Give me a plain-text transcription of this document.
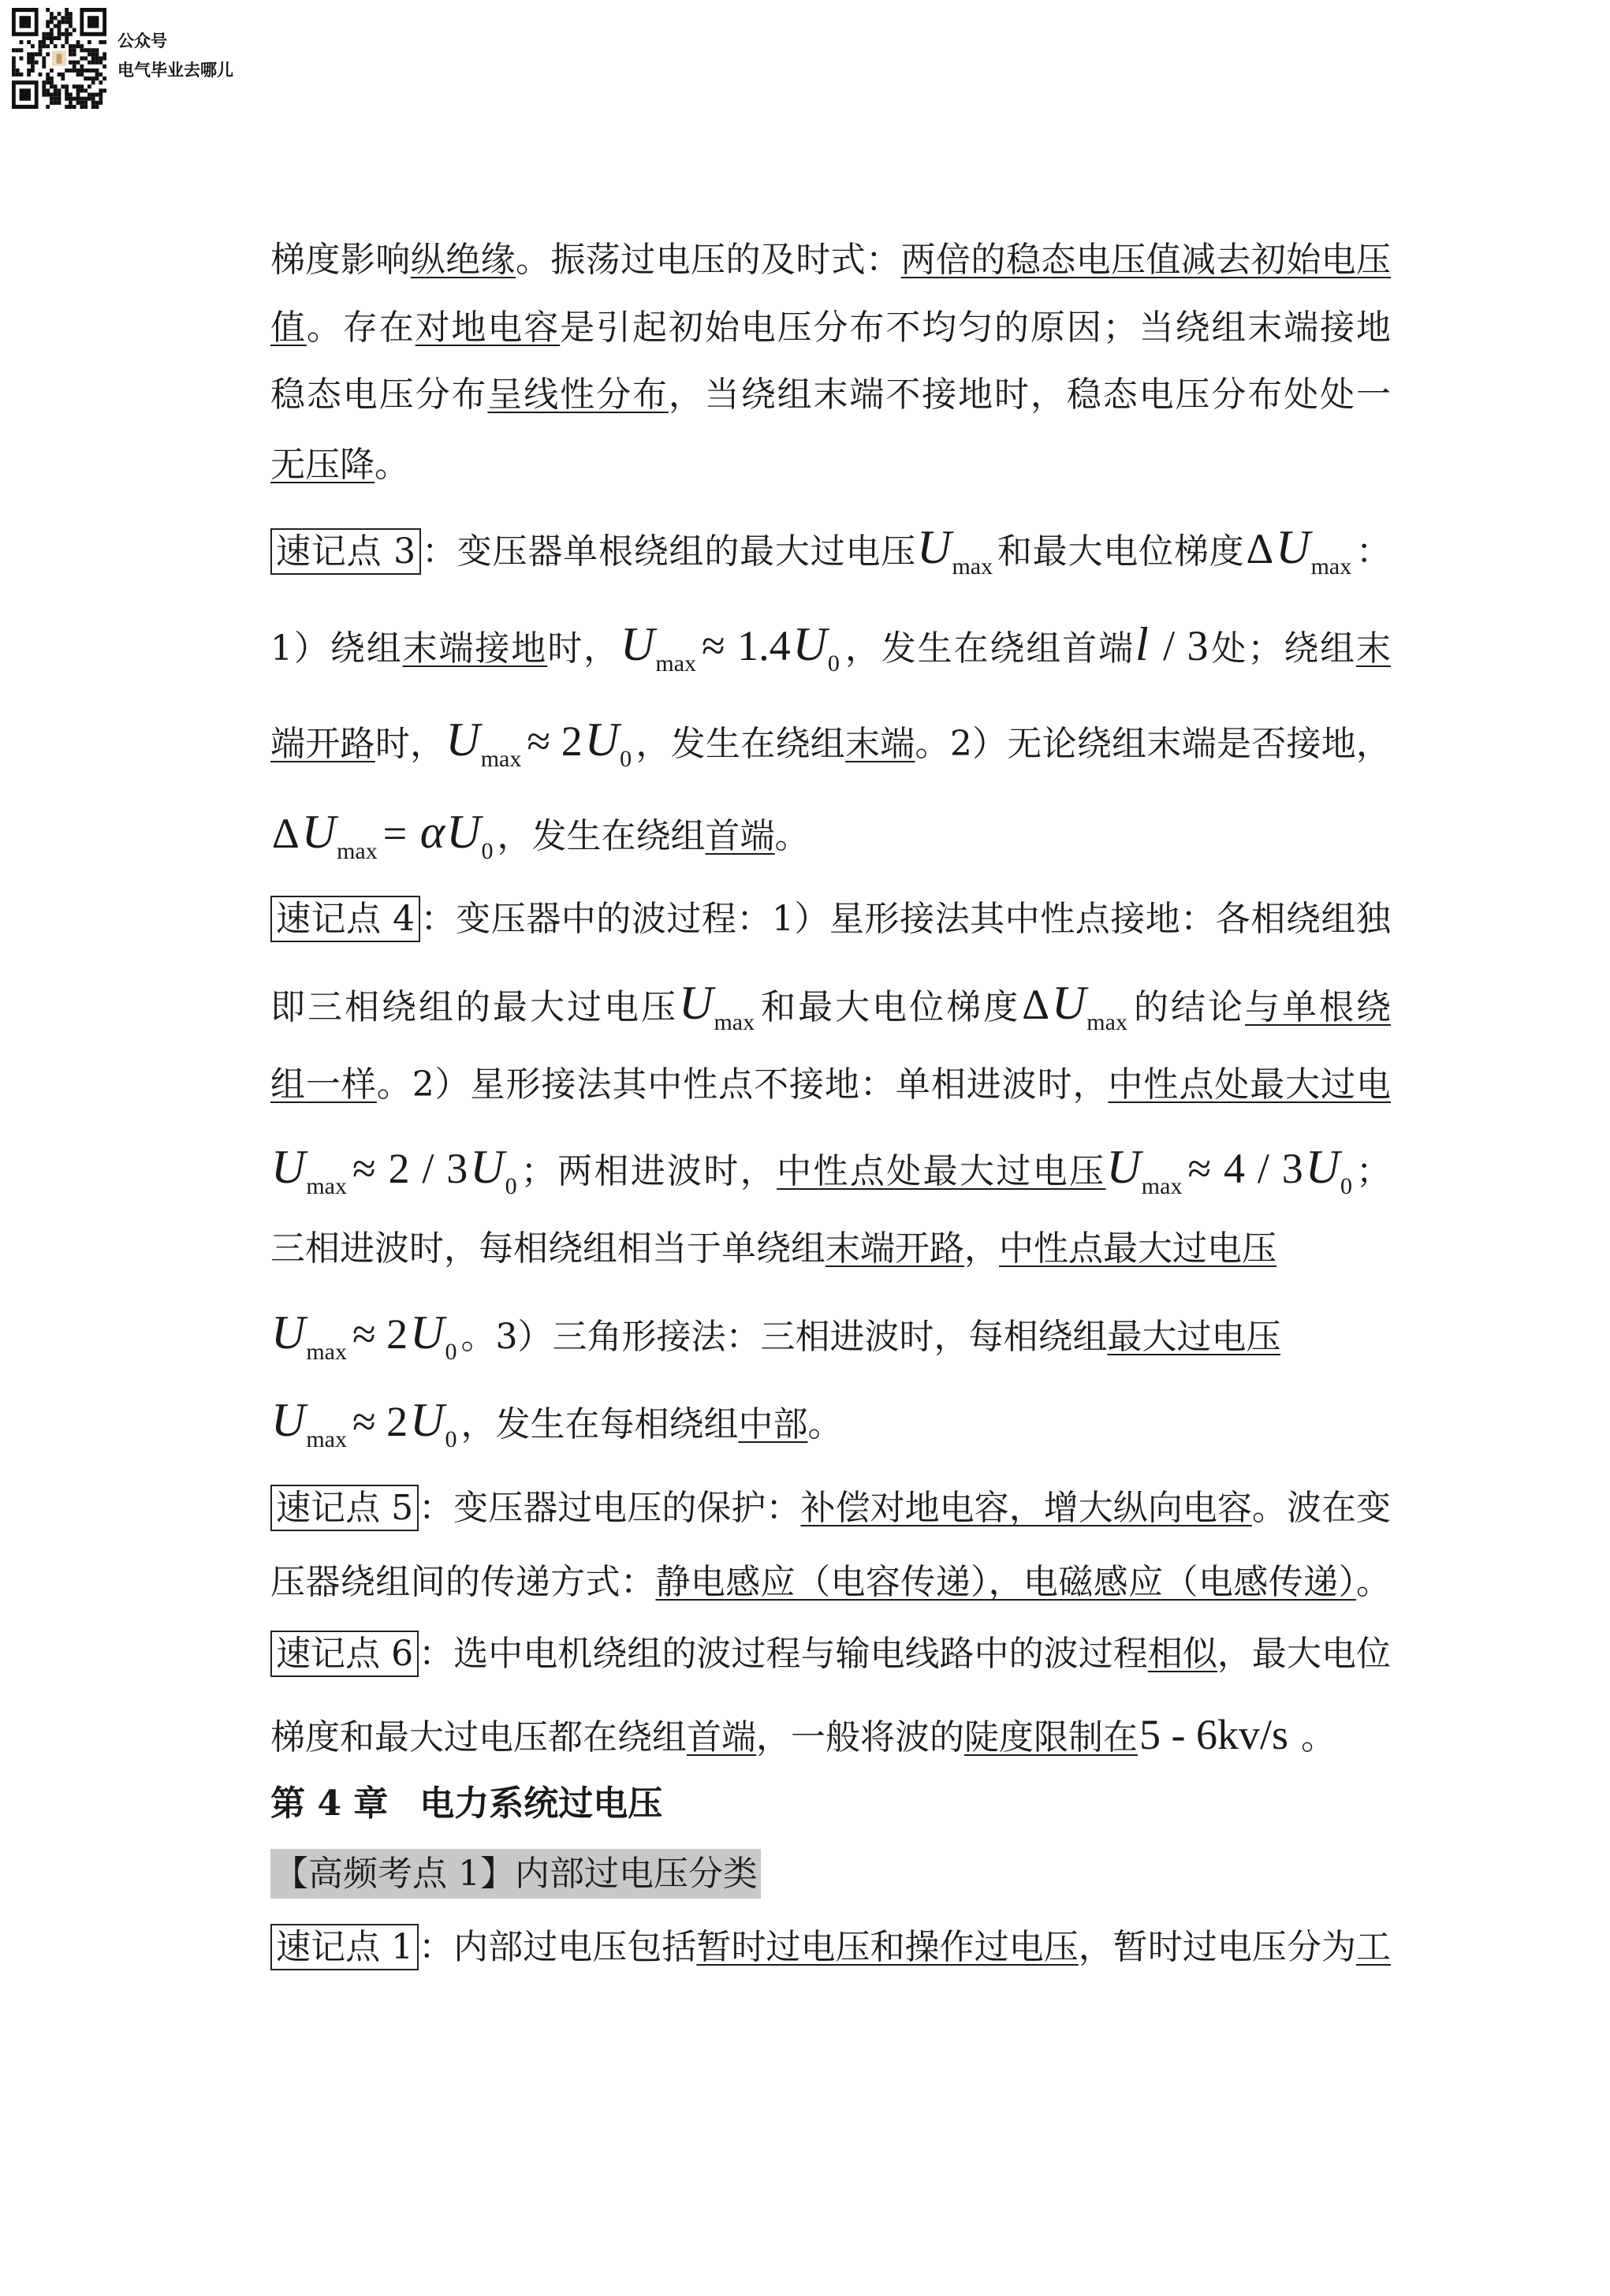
公众号
电气毕业去哪儿
梯度影响纵绝缘。振荡过电压的及时式：两倍的稳态电压值减去初始电压
值。存在对地电容是引起初始电压分布不均匀的原因；当绕组末端接地
稳态电压分布呈线性分布，当绕组末端不接地时，稳态电压分布处处一
无压降。
速记点 3 ：变压器单根绕组的最大过电压$U_{max}$ 和最大电位梯度$\Delta U_{max}$ ：
1）绕组末端接地时，$U_{max} \approx 1.4U_0$ ，发生在绕组首端l / 3处；绕组末
端开路时，$U_{max} \approx 2U_0$ ，发生在绕组末端。2）无论绕组末端是否接地，
$\Delta U_{max} = \alpha U_0$ ，发生在绕组首端。
速记点 4 ：变压器中的波过程：1）星形接法其中性点接地：各相绕组独
即三相绕组的最大过电压$U_{max}$ 和最大电位梯度$\Delta U_{max}$ 的结论与单根绕
组一样。2）星形接法其中性点不接地：单相进波时，中性点处最大过电
$U_{max} \approx 2 / 3U_0$ ；两相进波时，中性点处最大过电压$U_{max} \approx 4 / 3U_0$ ；
三相进波时，每相绕组相当于单绕组末端开路，中性点最大过电压
$U_{max} \approx 2U_0$ 。3）三角形接法：三相进波时，每相绕组最大过电压
$U_{max} \approx 2U_0$ ，发生在每相绕组中部。
速记点 5 ：变压器过电压的保护：补偿对地电容，增大纵向电容。波在变
压器绕组间的传递方式：静电感应（电容传递），电磁感应（电感传递）。
速记点 6 ：选中电机绕组的波过程与输电线路中的波过程相似，最大电位
梯度和最大过电压都在绕组首端，一般将波的陡度限制在5 - 6kv/s 。
第 4 章 电力系统过电压
【高频考点 1】内部过电压分类
速记点 1 ：内部过电压包括暂时过电压和操作过电压，暂时过电压分为工
